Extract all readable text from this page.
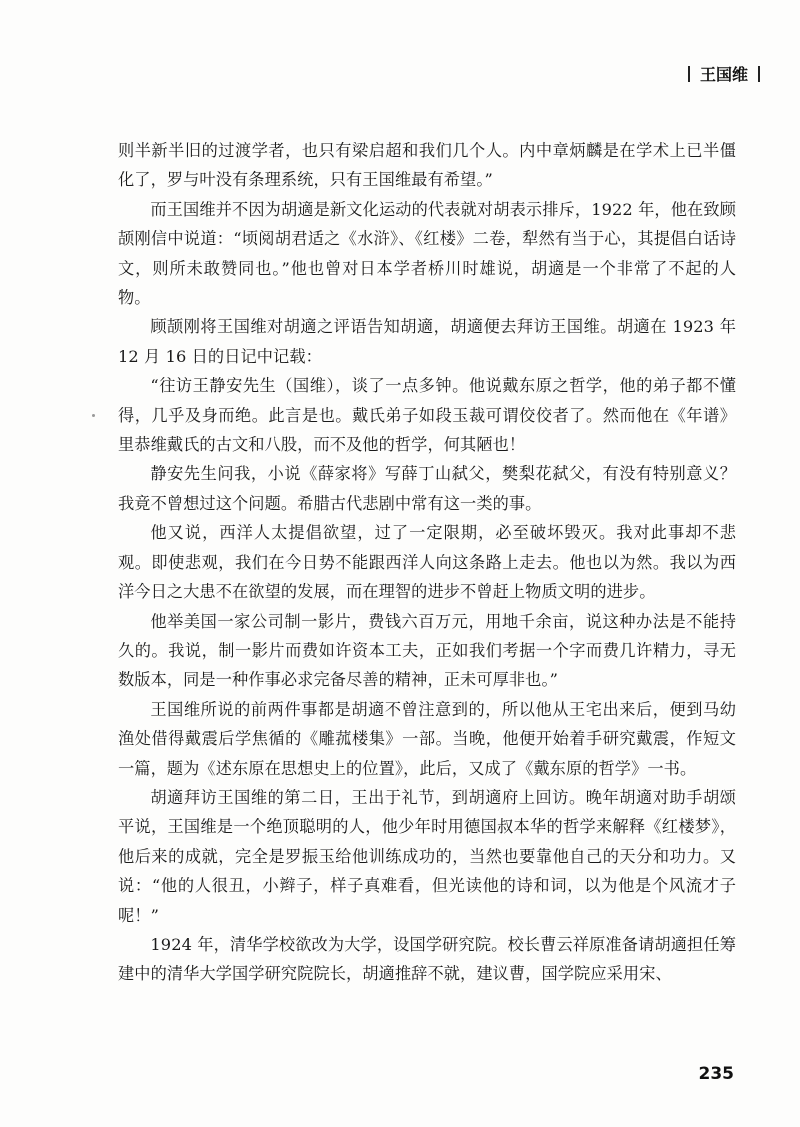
王国维

则半新半旧的过渡学者，也只有梁启超和我们几个人。内中章炳麟是在学术上已半僵化了，罗与叶没有条理系统，只有王国维最有希望。”

而王国维并不因为胡適是新文化运动的代表就对胡表示排斥，1922 年，他在致顾颉刚信中说道：“顷阅胡君适之《水浒》、《红楼》二卷，犁然有当于心，其提倡白话诗文，则所未敢赞同也。”他也曾对日本学者桥川时雄说，胡適是一个非常了不起的人物。

顾颉刚将王国维对胡適之评语告知胡適，胡適便去拜访王国维。胡適在 1923 年 12 月 16 日的日记中记载：

“往访王静安先生（国维），谈了一点多钟。他说戴东原之哲学，他的弟子都不懂得，几乎及身而绝。此言是也。戴氏弟子如段玉裁可谓佼佼者了。然而他在《年谱》里恭维戴氏的古文和八股，而不及他的哲学，何其陋也！

静安先生问我，小说《薛家将》写薛丁山弑父，樊梨花弑父，有没有特别意义？我竟不曾想过这个问题。希腊古代悲剧中常有这一类的事。

他又说，西洋人太提倡欲望，过了一定限期，必至破坏毁灭。我对此事却不悲观。即使悲观，我们在今日势不能跟西洋人向这条路上走去。他也以为然。我以为西洋今日之大患不在欲望的发展，而在理智的进步不曾赶上物质文明的进步。

他举美国一家公司制一影片，费钱六百万元，用地千余亩，说这种办法是不能持久的。我说，制一影片而费如许资本工夫，正如我们考据一个字而费几许精力，寻无数版本，同是一种作事必求完备尽善的精神，正未可厚非也。”

王国维所说的前两件事都是胡適不曾注意到的，所以他从王宅出来后，便到马幼渔处借得戴震后学焦循的《雕菰楼集》一部。当晚，他便开始着手研究戴震，作短文一篇，题为《述东原在思想史上的位置》，此后，又成了《戴东原的哲学》一书。

胡適拜访王国维的第二日，王出于礼节，到胡適府上回访。晚年胡適对助手胡颂平说，王国维是一个绝顶聪明的人，他少年时用德国叔本华的哲学来解释《红楼梦》，他后来的成就，完全是罗振玉给他训练成功的，当然也要靠他自己的天分和功力。又说：“他的人很丑，小辫子，样子真难看，但光读他的诗和词，以为他是个风流才子呢！”

1924 年，清华学校欲改为大学，设国学研究院。校长曹云祥原准备请胡適担任筹建中的清华大学国学研究院院长，胡適推辞不就，建议曹，国学院应采用宋、

235
